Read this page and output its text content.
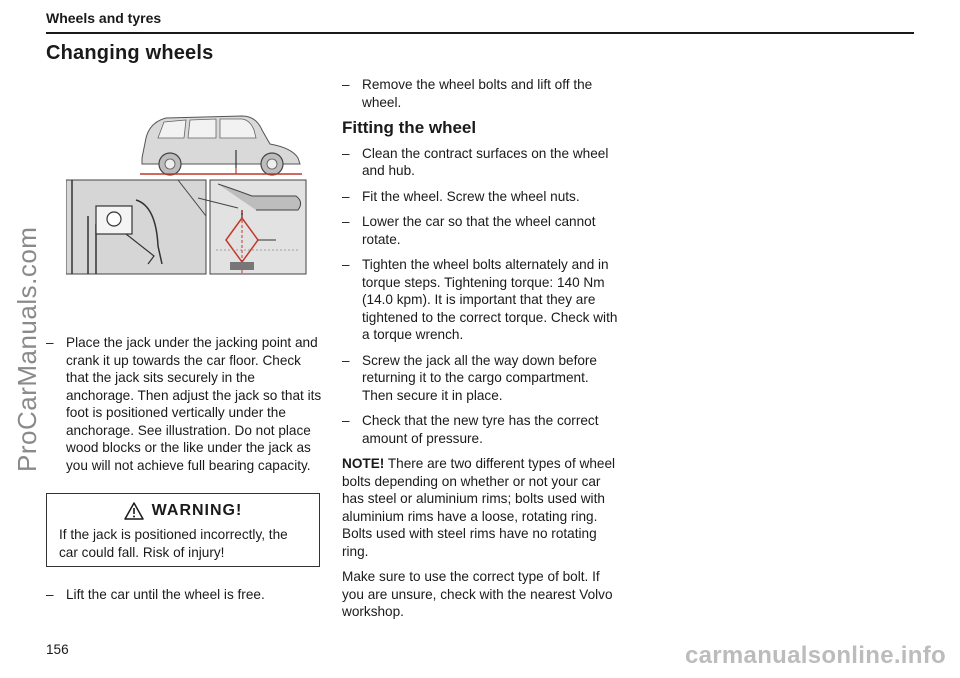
Wheels and tyres
Changing wheels
– Place the jack under the jacking point and crank it up towards the car floor. Check that the jack sits securely in the anchorage. Then adjust the jack so that its foot is positioned vertically under the anchorage. See illustration. Do not place wood blocks or the like under the jack as you will not achieve full bearing capacity.
WARNING!
If the jack is positioned incorrectly, the car could fall. Risk of injury!
– Lift the car until the wheel is free.
– Remove the wheel bolts and lift off the wheel.
Fitting the wheel
– Clean the contract surfaces on the wheel and hub.
– Fit the wheel. Screw the wheel nuts.
– Lower the car so that the wheel cannot rotate.
– Tighten the wheel bolts alternately and in torque steps. Tightening torque: 140 Nm (14.0 kpm). It is important that they are tightened to the correct torque. Check with a torque wrench.
– Screw the jack all the way down before returning it to the cargo compartment. Then secure it in place.
– Check that the new tyre has the correct amount of pressure.
NOTE! There are two different types of wheel bolts depending on whether or not your car has steel or aluminium rims; bolts used with aluminium rims have a loose, rotating ring. Bolts used with steel rims have no rotating ring.
Make sure to use the correct type of bolt. If you are unsure, check with the nearest Volvo workshop.
156
ProCarManuals.com
carmanualsonline.info
